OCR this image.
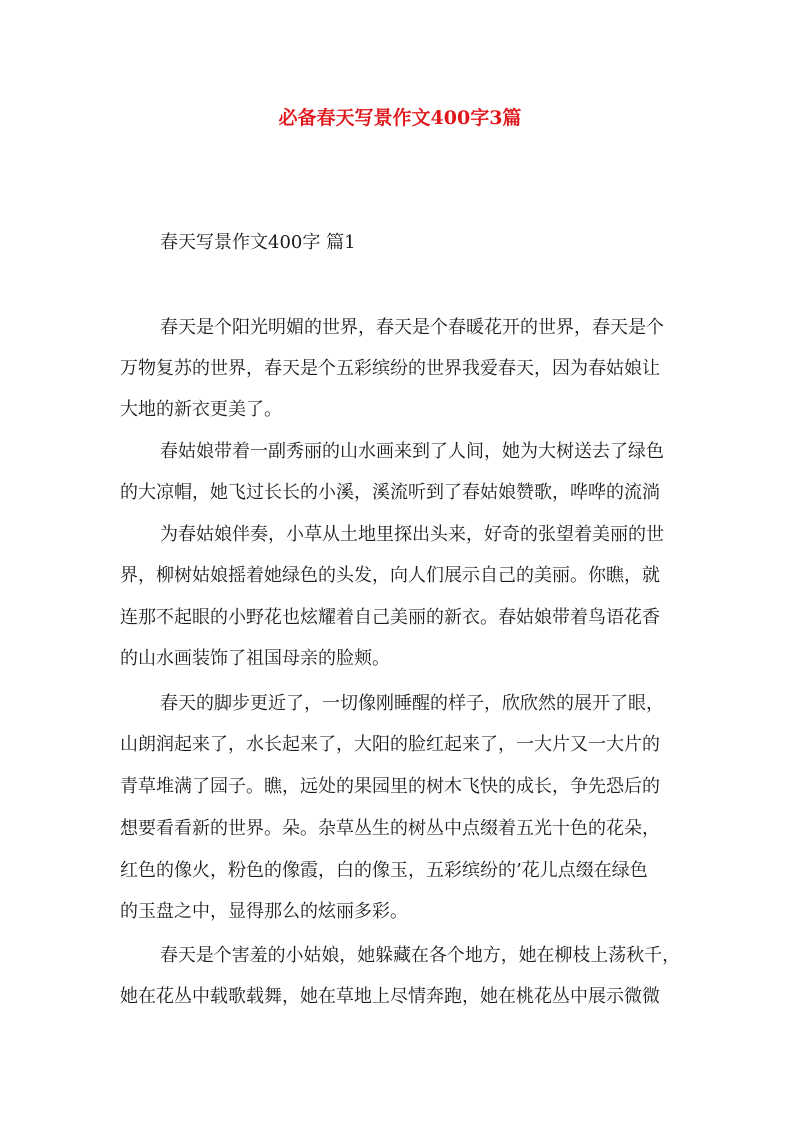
必备春天写景作文400字3篇
春天写景作文400字 篇1
春天是个阳光明媚的世界，春天是个春暖花开的世界，春天是个
万物复苏的世界，春天是个五彩缤纷的世界我爱春天，因为春姑娘让
大地的新衣更美了。
春姑娘带着一副秀丽的山水画来到了人间，她为大树送去了绿色
的大凉帽，她飞过长长的小溪，溪流听到了春姑娘赞歌，哗哗的流淌
为春姑娘伴奏，小草从土地里探出头来，好奇的张望着美丽的世
界，柳树姑娘摇着她绿色的头发，向人们展示自己的美丽。你瞧，就
连那不起眼的小野花也炫耀着自己美丽的新衣。春姑娘带着鸟语花香
的山水画装饰了祖国母亲的脸颊。
春天的脚步更近了，一切像刚睡醒的样子，欣欣然的展开了眼，
山朗润起来了，水长起来了，大阳的脸红起来了，一大片又一大片的
青草堆满了园子。瞧，远处的果园里的树木飞快的成长，争先恐后的
想要看看新的世界。朵。杂草丛生的树丛中点缀着五光十色的花朵，
红色的像火，粉色的像霞，白的像玉，五彩缤纷的’花儿点缀在绿色
的玉盘之中，显得那么的炫丽多彩。
春天是个害羞的小姑娘，她躲藏在各个地方，她在柳枝上荡秋千，
她在花丛中载歌载舞，她在草地上尽情奔跑，她在桃花丛中展示微微
